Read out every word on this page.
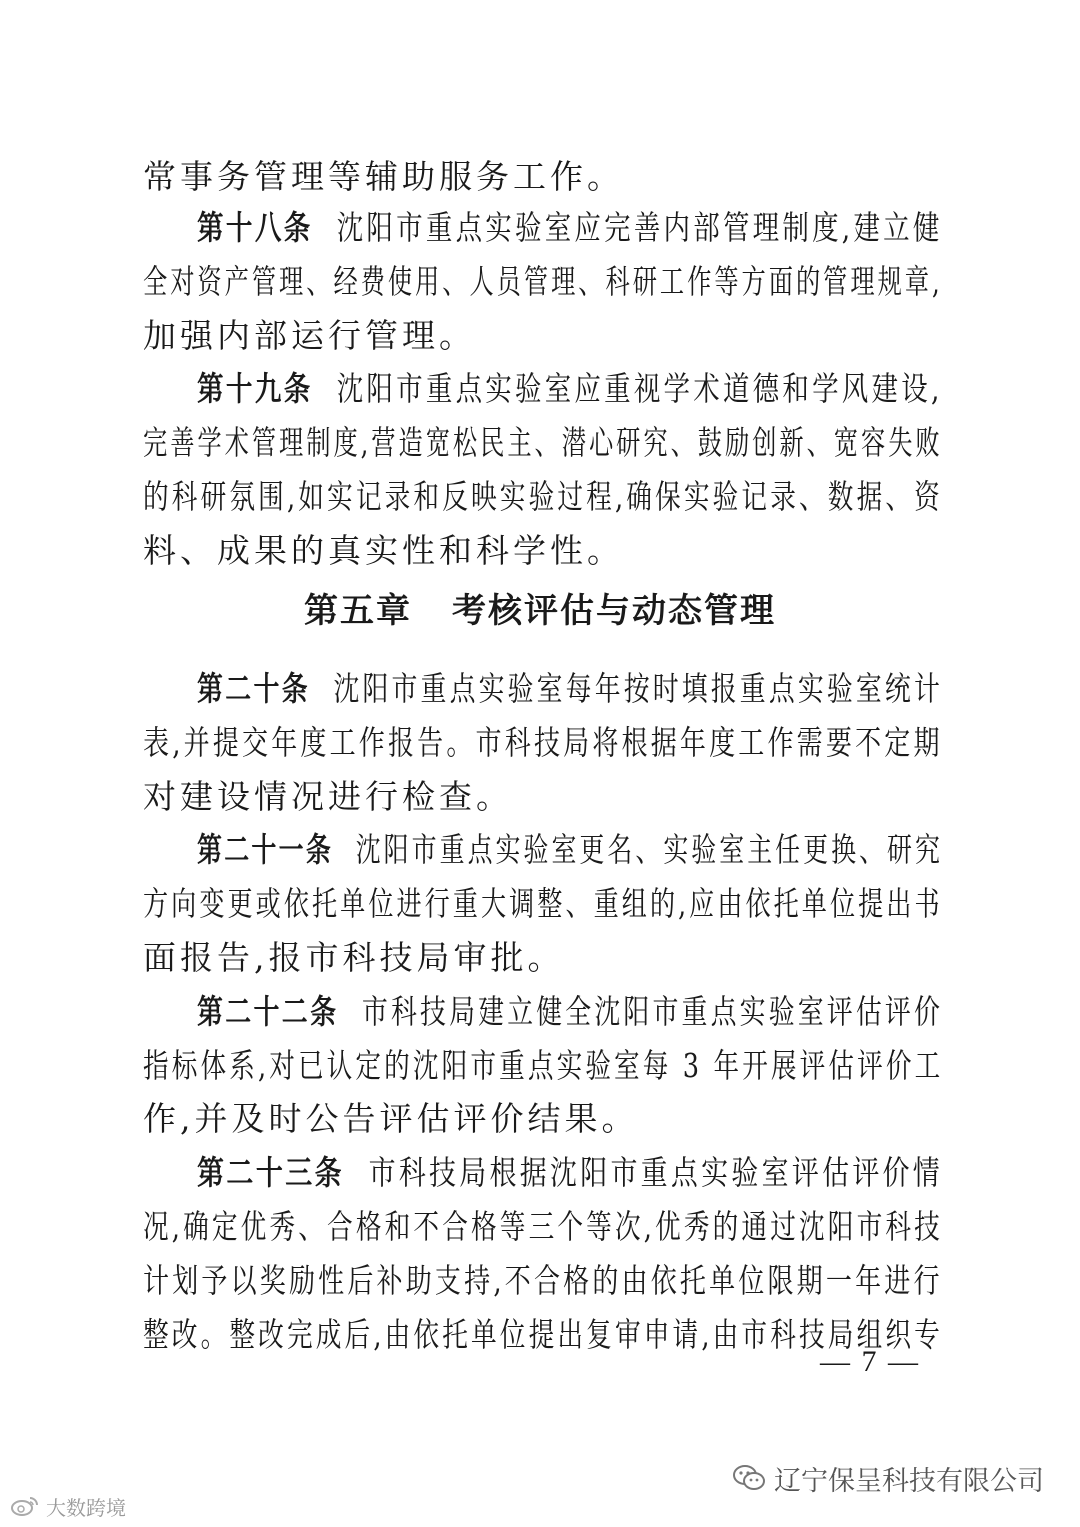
常事务管理等辅助服务工作。
第十八条 沈阳市重点实验室应完善内部管理制度,建立健
全对资产管理、经费使用、人员管理、科研工作等方面的管理规章,
加强内部运行管理。
第十九条 沈阳市重点实验室应重视学术道德和学风建设,
完善学术管理制度,营造宽松民主、潜心研究、鼓励创新、宽容失败
的科研氛围,如实记录和反映实验过程,确保实验记录、数据、资
料、成果的真实性和科学性。
第二十条 沈阳市重点实验室每年按时填报重点实验室统计
表,并提交年度工作报告。市科技局将根据年度工作需要不定期
对建设情况进行检查。
第二十一条 沈阳市重点实验室更名、实验室主任更换、研究
方向变更或依托单位进行重大调整、重组的,应由依托单位提出书
面报告,报市科技局审批。
第二十二条 市科技局建立健全沈阳市重点实验室评估评价
指标体系,对已认定的沈阳市重点实验室每 3 年开展评估评价工
作,并及时公告评估评价结果。
第二十三条 市科技局根据沈阳市重点实验室评估评价情
况,确定优秀、合格和不合格等三个等次,优秀的通过沈阳市科技
计划予以奖励性后补助支持,不合格的由依托单位限期一年进行
整改。整改完成后,由依托单位提出复审申请,由市科技局组织专
第五章 考核评估与动态管理
— 7 —
辽宁保呈科技有限公司
大数跨境
